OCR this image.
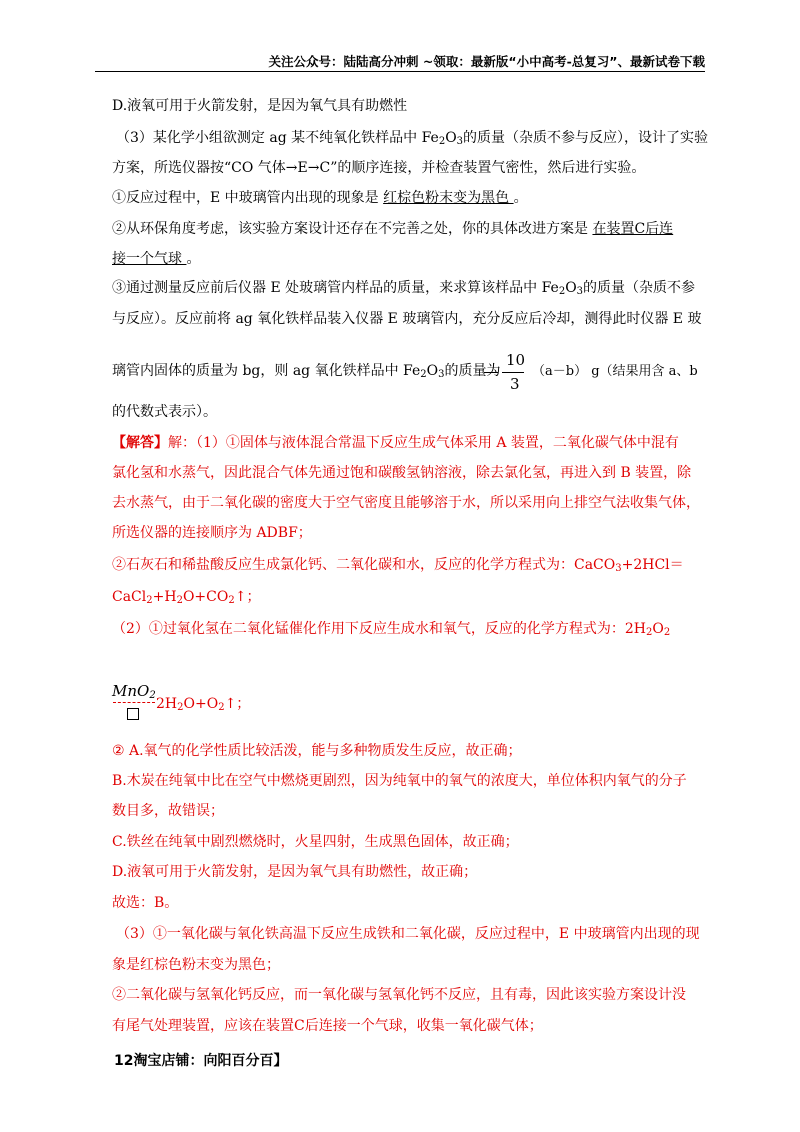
关注公众号：陆陆高分冲刺 ~领取：最新版“小中高考-总复习”、最新试卷下载
D.液氧可用于火箭发射，是因为氧气具有助燃性
（3）某化学小组欲测定 ag 某不纯氧化铁样品中 $Fe_2O_3$的质量（杂质不参与反应），设计了实验
方案，所选仪器按“CO 气体→E→C”的顺序连接，并检查装置气密性，然后进行实验。
①反应过程中，E 中玻璃管内出现的现象是 红棕色粉末变为黑色 。
②从环保角度考虑，该实验方案设计还存在不完善之处，你的具体改进方案是 在装置C后连
接一个气球 。
③通过测量反应前后仪器 E 处玻璃管内样品的质量，来求算该样品中 $Fe_2O_3$的质量（杂质不参
与反应）。反应前将 ag 氧化铁样品装入仪器 E 玻璃管内，充分反应后冷却，测得此时仪器 E 玻
璃管内固体的质量为 bg，则 ag 氧化铁样品中 $Fe_2O_3$的质量为
10
3
（a－b） g（结果用含 a、b
的代数式表示）。
【解答】解：（1）①固体与液体混合常温下反应生成气体采用 A 装置，二氧化碳气体中混有
氯化氢和水蒸气，因此混合气体先通过饱和碳酸氢钠溶液，除去氯化氢，再进入到 B 装置，除
去水蒸气，由于二氧化碳的密度大于空气密度且能够溶于水，所以采用向上排空气法收集气体，
所选仪器的连接顺序为 ADBF；
②石灰石和稀盐酸反应生成氯化钙、二氧化碳和水，反应的化学方程式为：CaCO$_3$+2HCl＝
$CaCl_2+H_2O+CO_2↑$；
（2）①过氧化氢在二氧化锰催化作用下反应生成水和氧气，反应的化学方程式为：$2H_2O_2$
MnO$_2$
$2H_2O+O_2↑$；
② A.氧气的化学性质比较活泼，能与多种物质发生反应，故正确；
B.木炭在纯氧中比在空气中燃烧更剧烈，因为纯氧中的氧气的浓度大，单位体积内氧气的分子
数目多，故错误；
C.铁丝在纯氧中剧烈燃烧时，火星四射，生成黑色固体，故正确；
D.液氧可用于火箭发射，是因为氧气具有助燃性，故正确；
故选：B。
（3）①一氧化碳与氧化铁高温下反应生成铁和二氧化碳，反应过程中，E 中玻璃管内出现的现
象是红棕色粉末变为黑色；
②二氧化碳与氢氧化钙反应，而一氧化碳与氢氧化钙不反应，且有毒，因此该实验方案设计没
有尾气处理装置，应该在装置C后连接一个气球，收集一氧化碳气体；
12淘宝店铺：向阳百分百】
